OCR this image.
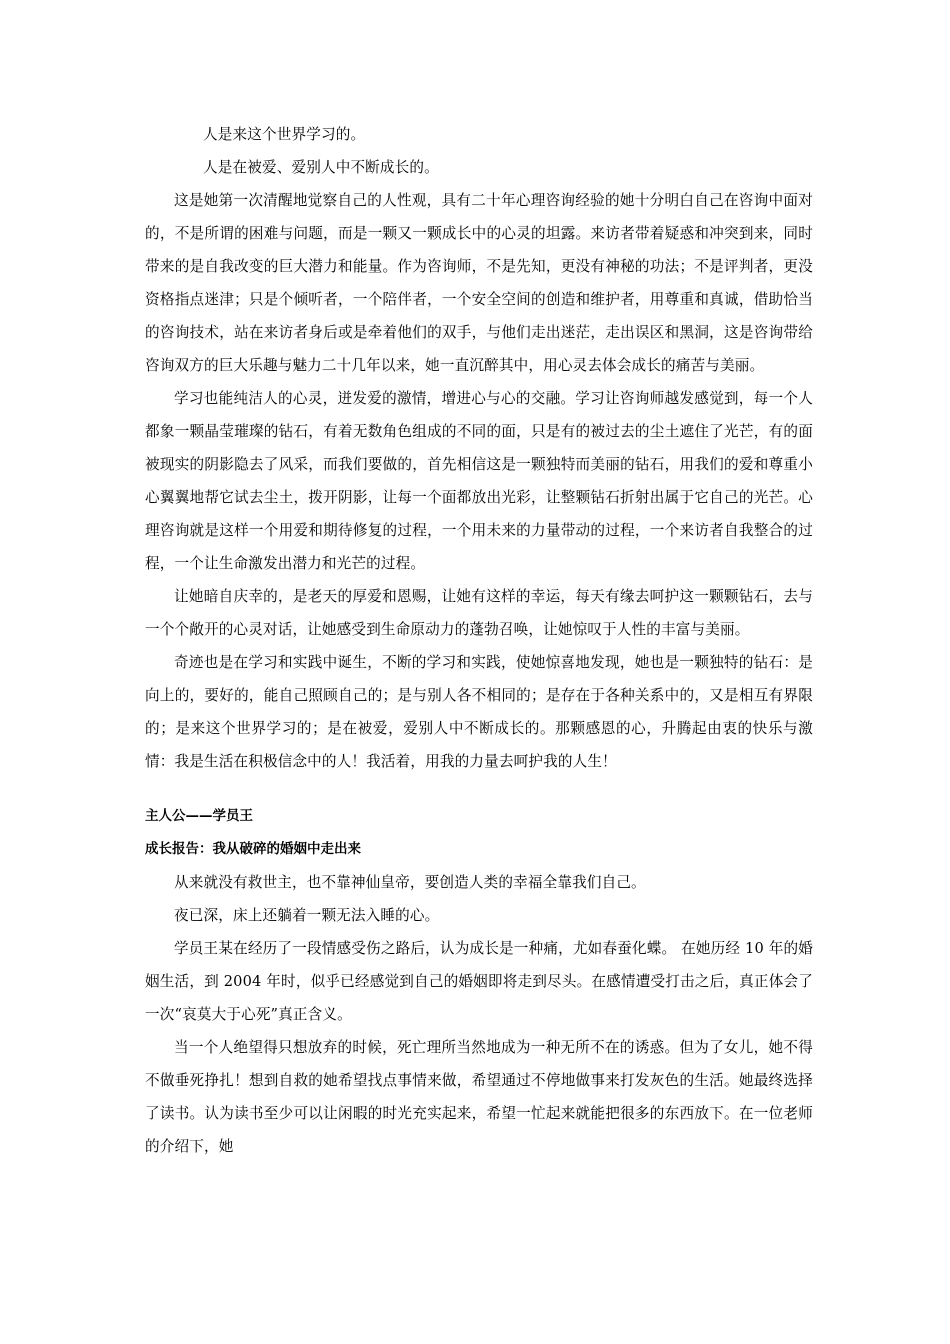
人是来这个世界学习的。

人是在被爱、爱别人中不断成长的。

这是她第一次清醒地觉察自己的人性观，具有二十年心理咨询经验的她十分明白自己在咨询中面对的，不是所谓的困难与问题，而是一颗又一颗成长中的心灵的坦露。来访者带着疑惑和冲突到来，同时带来的是自我改变的巨大潜力和能量。作为咨询师，不是先知，更没有神秘的功法；不是评判者，更没资格指点迷津；只是个倾听者，一个陪伴者，一个安全空间的创造和维护者，用尊重和真诚，借助恰当的咨询技术，站在来访者身后或是牵着他们的双手，与他们走出迷茫，走出误区和黑洞，这是咨询带给咨询双方的巨大乐趣与魅力二十几年以来，她一直沉醉其中，用心灵去体会成长的痛苦与美丽。

学习也能纯洁人的心灵，迸发爱的激情，增进心与心的交融。学习让咨询师越发感觉到，每一个人都象一颗晶莹璀璨的钻石，有着无数角色组成的不同的面，只是有的被过去的尘土遮住了光芒，有的面被现实的阴影隐去了风采，而我们要做的，首先相信这是一颗独特而美丽的钻石，用我们的爱和尊重小心翼翼地帮它试去尘土，拨开阴影，让每一个面都放出光彩，让整颗钻石折射出属于它自己的光芒。心理咨询就是这样一个用爱和期待修复的过程，一个用未来的力量带动的过程，一个来访者自我整合的过程，一个让生命激发出潜力和光芒的过程。

让她暗自庆幸的，是老天的厚爱和恩赐，让她有这样的幸运，每天有缘去呵护这一颗颗钻石，去与一个个敞开的心灵对话，让她感受到生命原动力的蓬勃召唤，让她惊叹于人性的丰富与美丽。

奇迹也是在学习和实践中诞生，不断的学习和实践，使她惊喜地发现，她也是一颗独特的钻石：是向上的，要好的，能自己照顾自己的；是与别人各不相同的；是存在于各种关系中的，又是相互有界限的；是来这个世界学习的；是在被爱，爱别人中不断成长的。那颗感恩的心，升腾起由衷的快乐与激情：我是生活在积极信念中的人！我活着，用我的力量去呵护我的人生！

主人公——学员王

成长报告：我从破碎的婚姻中走出来

从来就没有救世主，也不靠神仙皇帝，要创造人类的幸福全靠我们自己。

夜已深，床上还躺着一颗无法入睡的心。

学员王某在经历了一段情感受伤之路后，认为成长是一种痛，尤如春蚕化蝶。 在她历经 10 年的婚姻生活，到 2004 年时，似乎已经感觉到自己的婚姻即将走到尽头。在感情遭受打击之后，真正体会了一次“哀莫大于心死”真正含义。

当一个人绝望得只想放弃的时候，死亡理所当然地成为一种无所不在的诱惑。但为了女儿，她不得不做垂死挣扎！想到自救的她希望找点事情来做，希望通过不停地做事来打发灰色的生活。她最终选择了读书。认为读书至少可以让闲暇的时光充实起来，希望一忙起来就能把很多的东西放下。在一位老师的介绍下，她
